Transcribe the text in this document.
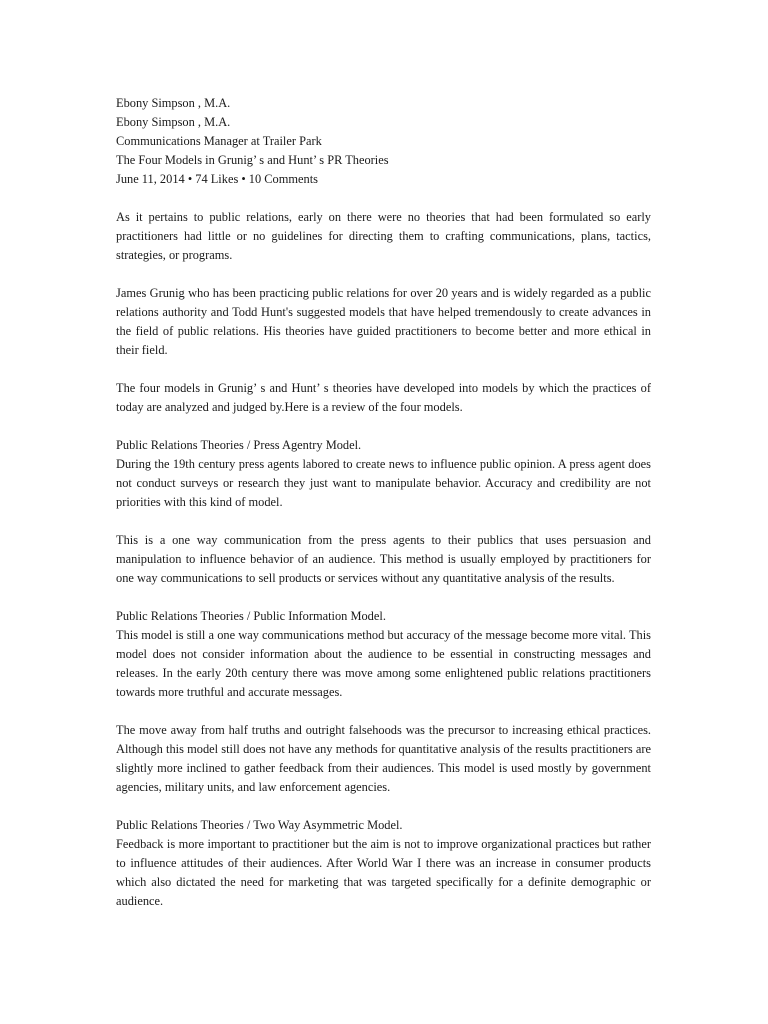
Ebony Simpson , M.A.
Ebony Simpson , M.A.
Communications Manager at Trailer Park
The Four Models in Grunig’ s and Hunt’ s PR Theories
June 11, 2014 • 74 Likes • 10 Comments

As it pertains to public relations, early on there were no theories that had been formulated so early practitioners had little or no guidelines for directing them to crafting communications, plans, tactics, strategies, or programs.

James Grunig who has been practicing public relations for over 20 years and is widely regarded as a public relations authority and Todd Hunt's suggested models that have helped tremendously to create advances in the field of public relations. His theories have guided practitioners to become better and more ethical in their field.

The four models in Grunig’ s and Hunt’ s theories have developed into models by which the practices of today are analyzed and judged by.Here is a review of the four models.

Public Relations Theories / Press Agentry Model.

During the 19th century press agents labored to create news to influence public opinion. A press agent does not conduct surveys or research they just want to manipulate behavior. Accuracy and credibility are not priorities with this kind of model.

This is a one way communication from the press agents to their publics that uses persuasion and manipulation to influence behavior of an audience. This method is usually employed by practitioners for one way communications to sell products or services without any quantitative analysis of the results.

Public Relations Theories / Public Information Model.

This model is still a one way communications method but accuracy of the message become more vital. This model does not consider information about the audience to be essential in constructing messages and releases. In the early 20th century there was move among some enlightened public relations practitioners towards more truthful and accurate messages.

The move away from half truths and outright falsehoods was the precursor to increasing ethical practices. Although this model still does not have any methods for quantitative analysis of the results practitioners are slightly more inclined to gather feedback from their audiences. This model is used mostly by government agencies, military units, and law enforcement agencies.

Public Relations Theories / Two Way Asymmetric Model.

Feedback is more important to practitioner but the aim is not to improve organizational practices but rather to influence attitudes of their audiences. After World War I there was an increase in consumer products which also dictated the need for marketing that was targeted specifically for a definite demographic or audience.
